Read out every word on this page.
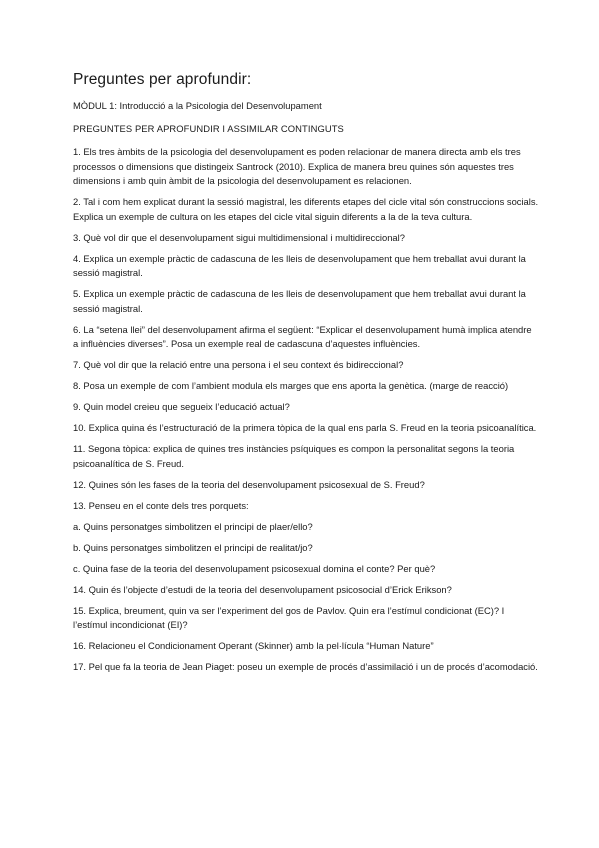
Preguntes per aprofundir:
MÒDUL 1: Introducció a la Psicologia del Desenvolupament
PREGUNTES PER APROFUNDIR I ASSIMILAR CONTINGUTS
1. Els tres àmbits de la psicologia del desenvolupament es poden relacionar de manera directa amb els tres processos o dimensions que distingeix Santrock (2010). Explica de manera breu quines són aquestes tres dimensions i amb quin àmbit de la psicologia del desenvolupament es relacionen.
2. Tal i com hem explicat durant la sessió magistral, les diferents etapes del cicle vital són construccions socials. Explica un exemple de cultura on les etapes del cicle vital siguin diferents a la de la teva cultura.
3. Què vol dir que el desenvolupament sigui multidimensional i multidireccional?
4. Explica un exemple pràctic de cadascuna de les lleis de desenvolupament que hem treballat avui durant la sessió magistral.
5. Explica un exemple pràctic de cadascuna de les lleis de desenvolupament que hem treballat avui durant la sessió magistral.
6. La “setena llei” del desenvolupament afirma el següent: “Explicar el desenvolupament humà implica atendre a influències diverses”. Posa un exemple real de cadascuna d’aquestes influències.
7. Què vol dir que la relació entre una persona i el seu context és bidireccional?
8. Posa un exemple de com l’ambient modula els marges que ens aporta la genètica. (marge de reacció)
9. Quin model creieu que segueix l’educació actual?
10. Explica quina és l’estructuració de la primera tòpica de la qual ens parla S. Freud en la teoria psicoanalítica.
11. Segona tòpica: explica de quines tres instàncies psíquiques es compon la personalitat segons la teoria psicoanalítica de S. Freud.
12. Quines són les fases de la teoria del desenvolupament psicosexual de S. Freud?
13. Penseu en el conte dels tres porquets:
a. Quins personatges simbolitzen el principi de plaer/ello?
b. Quins personatges simbolitzen el principi de realitat/jo?
c. Quina fase de la teoria del desenvolupament psicosexual domina el conte? Per què?
14. Quin és l’objecte d’estudi de la teoria del desenvolupament psicosocial d’Erick Erikson?
15. Explica, breument, quin va ser l’experiment del gos de Pavlov. Quin era l’estímul condicionat (EC)? I l’estímul incondicionat (EI)?
16. Relacioneu el Condicionament Operant (Skinner) amb la pel·lícula “Human Nature”
17. Pel que fa la teoria de Jean Piaget: poseu un exemple de procés d’assimilació i un de procés d’acomodació.
